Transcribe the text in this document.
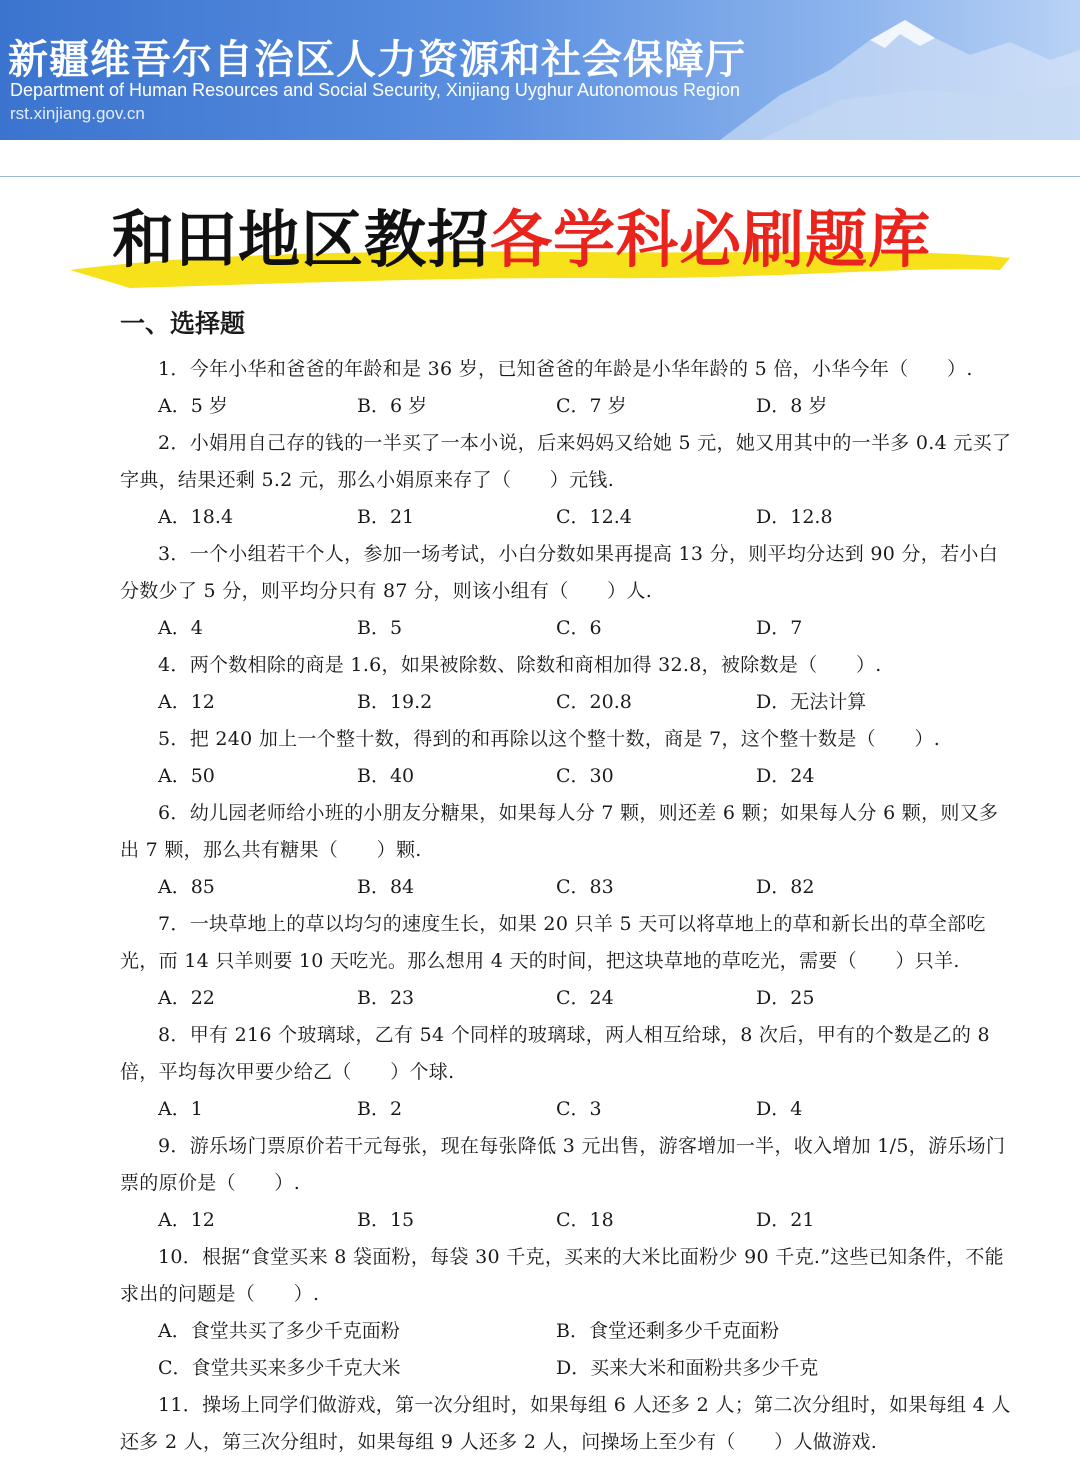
新疆维吾尔自治区人力资源和社会保障厅
Department of Human Resources and Social Security, Xinjiang Uyghur Autonomous Region
rst.xinjiang.gov.cn
和田地区教招各学科必刷题库
一、选择题
1．今年小华和爸爸的年龄和是 36 岁，已知爸爸的年龄是小华年龄的 5 倍，小华今年（　　）.
A．5 岁	B．6 岁	C．7 岁	D．8 岁
2．小娟用自己存的钱的一半买了一本小说，后来妈妈又给她 5 元，她又用其中的一半多 0.4 元买了字典，结果还剩 5.2 元，那么小娟原来存了（　　）元钱.
A．18.4	B．21	C．12.4	D．12.8
3．一个小组若干个人，参加一场考试，小白分数如果再提高 13 分，则平均分达到 90 分，若小白分数少了 5 分，则平均分只有 87 分，则该小组有（　　）人.
A．4	B．5	C．6	D．7
4．两个数相除的商是 1.6，如果被除数、除数和商相加得 32.8，被除数是（　　）.
A．12	B．19.2	C．20.8	D．无法计算
5．把 240 加上一个整十数，得到的和再除以这个整十数，商是 7，这个整十数是（　　）.
A．50	B．40	C．30	D．24
6．幼儿园老师给小班的小朋友分糖果，如果每人分 7 颗，则还差 6 颗；如果每人分 6 颗，则又多出 7 颗，那么共有糖果（　　）颗.
A．85	B．84	C．83	D．82
7．一块草地上的草以均匀的速度生长，如果 20 只羊 5 天可以将草地上的草和新长出的草全部吃光，而 14 只羊则要 10 天吃光。那么想用 4 天的时间，把这块草地的草吃光，需要（　　）只羊.
A．22	B．23	C．24	D．25
8．甲有 216 个玻璃球，乙有 54 个同样的玻璃球，两人相互给球，8 次后，甲有的个数是乙的 8 倍，平均每次甲要少给乙（　　）个球.
A．1	B．2	C．3	D．4
9．游乐场门票原价若干元每张，现在每张降低 3 元出售，游客增加一半，收入增加 1/5，游乐场门票的原价是（　　）.
A．12	B．15	C．18	D．21
10．根据“食堂买来 8 袋面粉，每袋 30 千克，买来的大米比面粉少 90 千克.”这些已知条件，不能求出的问题是（　　）.
A．食堂共买了多少千克面粉	B．食堂还剩多少千克面粉
C．食堂共买来多少千克大米	D．买来大米和面粉共多少千克
11．操场上同学们做游戏，第一次分组时，如果每组 6 人还多 2 人；第二次分组时，如果每组 4 人还多 2 人，第三次分组时，如果每组 9 人还多 2 人，问操场上至少有（　　）人做游戏.
